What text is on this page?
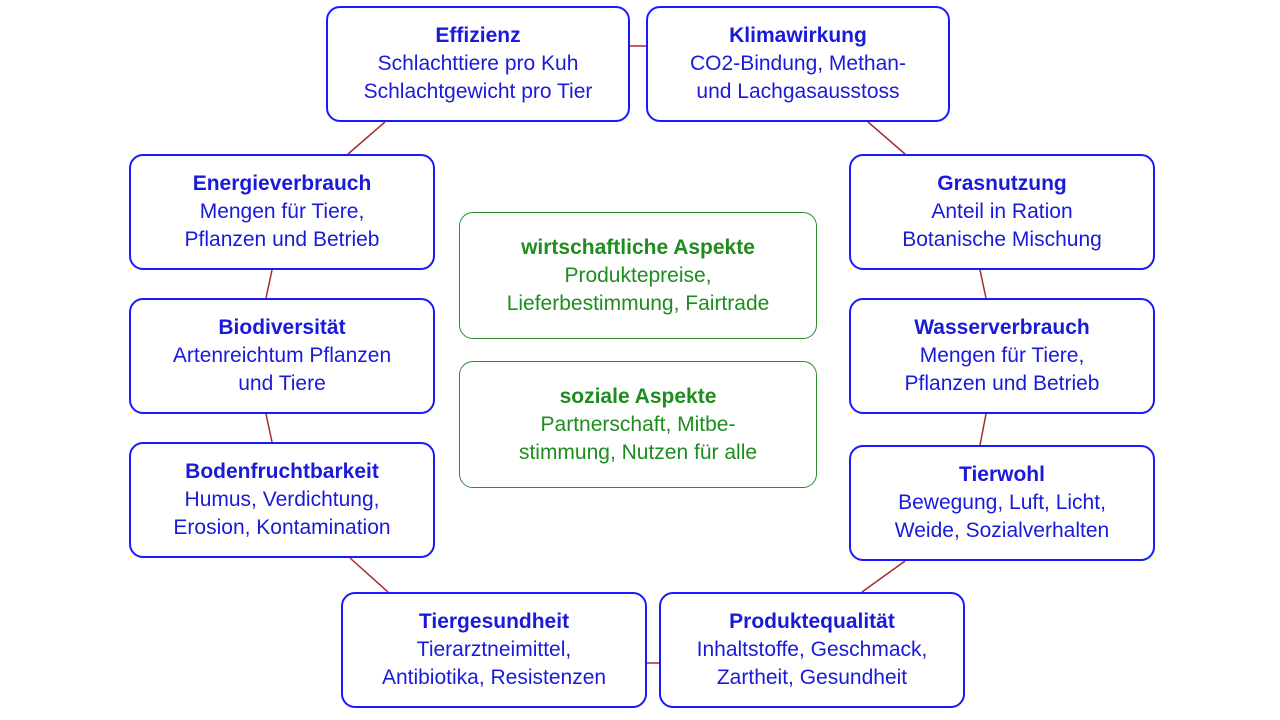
Effizienz
Schlachttiere pro Kuh
Schlachtgewicht pro Tier
Klimawirkung
CO2-Bindung, Methan-
und Lachgasausstoss
Energieverbrauch
Mengen für Tiere,
Pflanzen und Betrieb
Grasnutzung
Anteil in Ration
Botanische Mischung
Biodiversität
Artenreichtum Pflanzen
und Tiere
Wasserverbrauch
Mengen für Tiere,
Pflanzen und Betrieb
Bodenfruchtbarkeit
Humus, Verdichtung,
Erosion, Kontamination
Tierwohl
Bewegung, Luft, Licht,
Weide, Sozialverhalten
Tiergesundheit
Tierarztneimittel,
Antibiotika, Resistenzen
Produktequalität
Inhaltstoffe, Geschmack,
Zartheit, Gesundheit
wirtschaftliche Aspekte
Produktepreise,
Lieferbestimmung, Fairtrade
soziale Aspekte
Partnerschaft, Mitbe-
stimmung, Nutzen für alle
